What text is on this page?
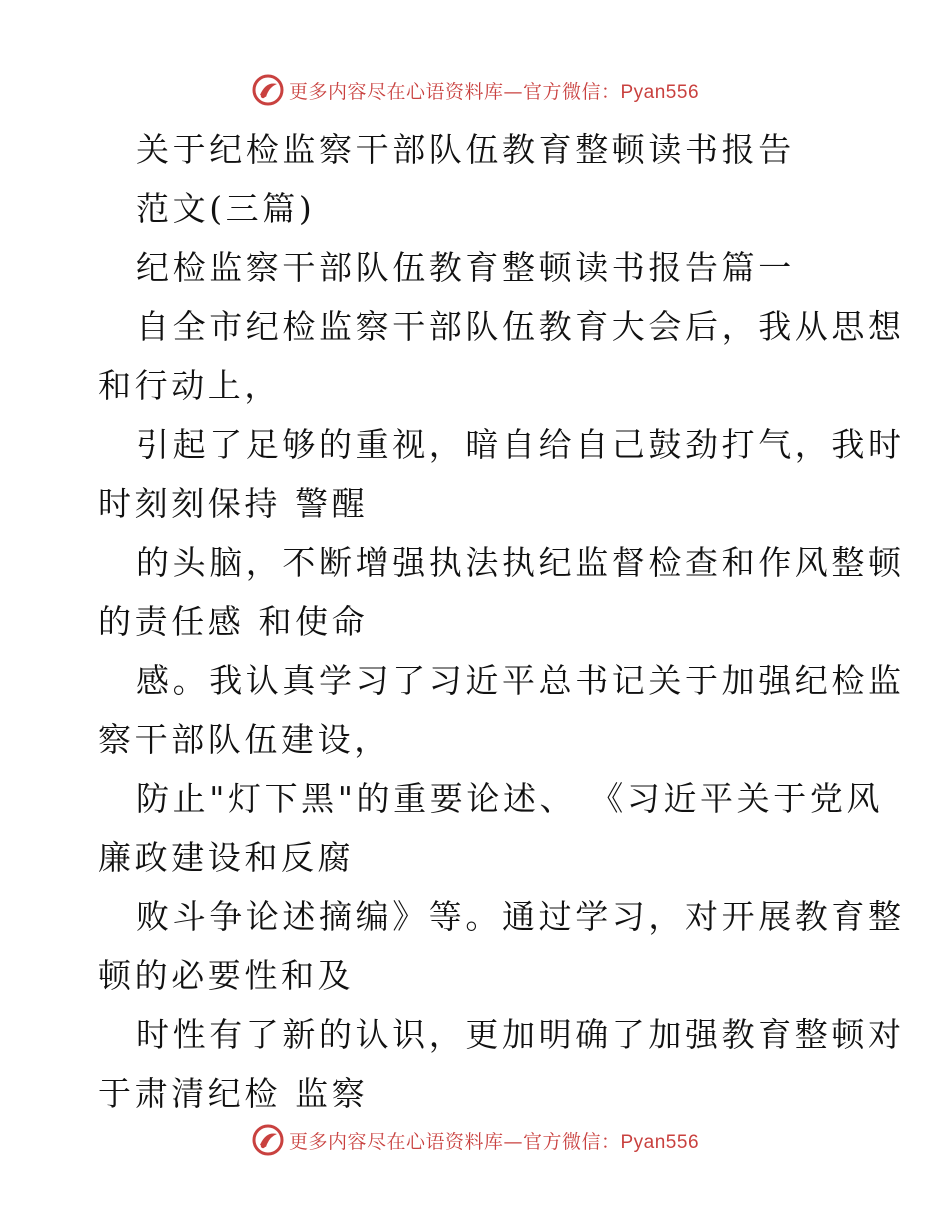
更多内容尽在心语资料库—官方微信：Pyan556
关于纪检监察干部队伍教育整顿读书报告
范文(三篇)
纪检监察干部队伍教育整顿读书报告篇一
自全市纪检监察干部队伍教育大会后，我从思想
和行动上，
引起了足够的重视，暗自给自己鼓劲打气，我时
时刻刻保持 警醒
的头脑，不断增强执法执纪监督检查和作风整顿
的责任感 和使命
感。我认真学习了习近平总书记关于加强纪检监
察干部队伍建设，
防止"灯下黑"的重要论述、 《习近平关于党风
廉政建设和反腐
败斗争论述摘编》等。通过学习，对开展教育整
顿的必要性和及
时性有了新的认识，更加明确了加强教育整顿对
于肃清纪检 监察
更多内容尽在心语资料库—官方微信：Pyan556
